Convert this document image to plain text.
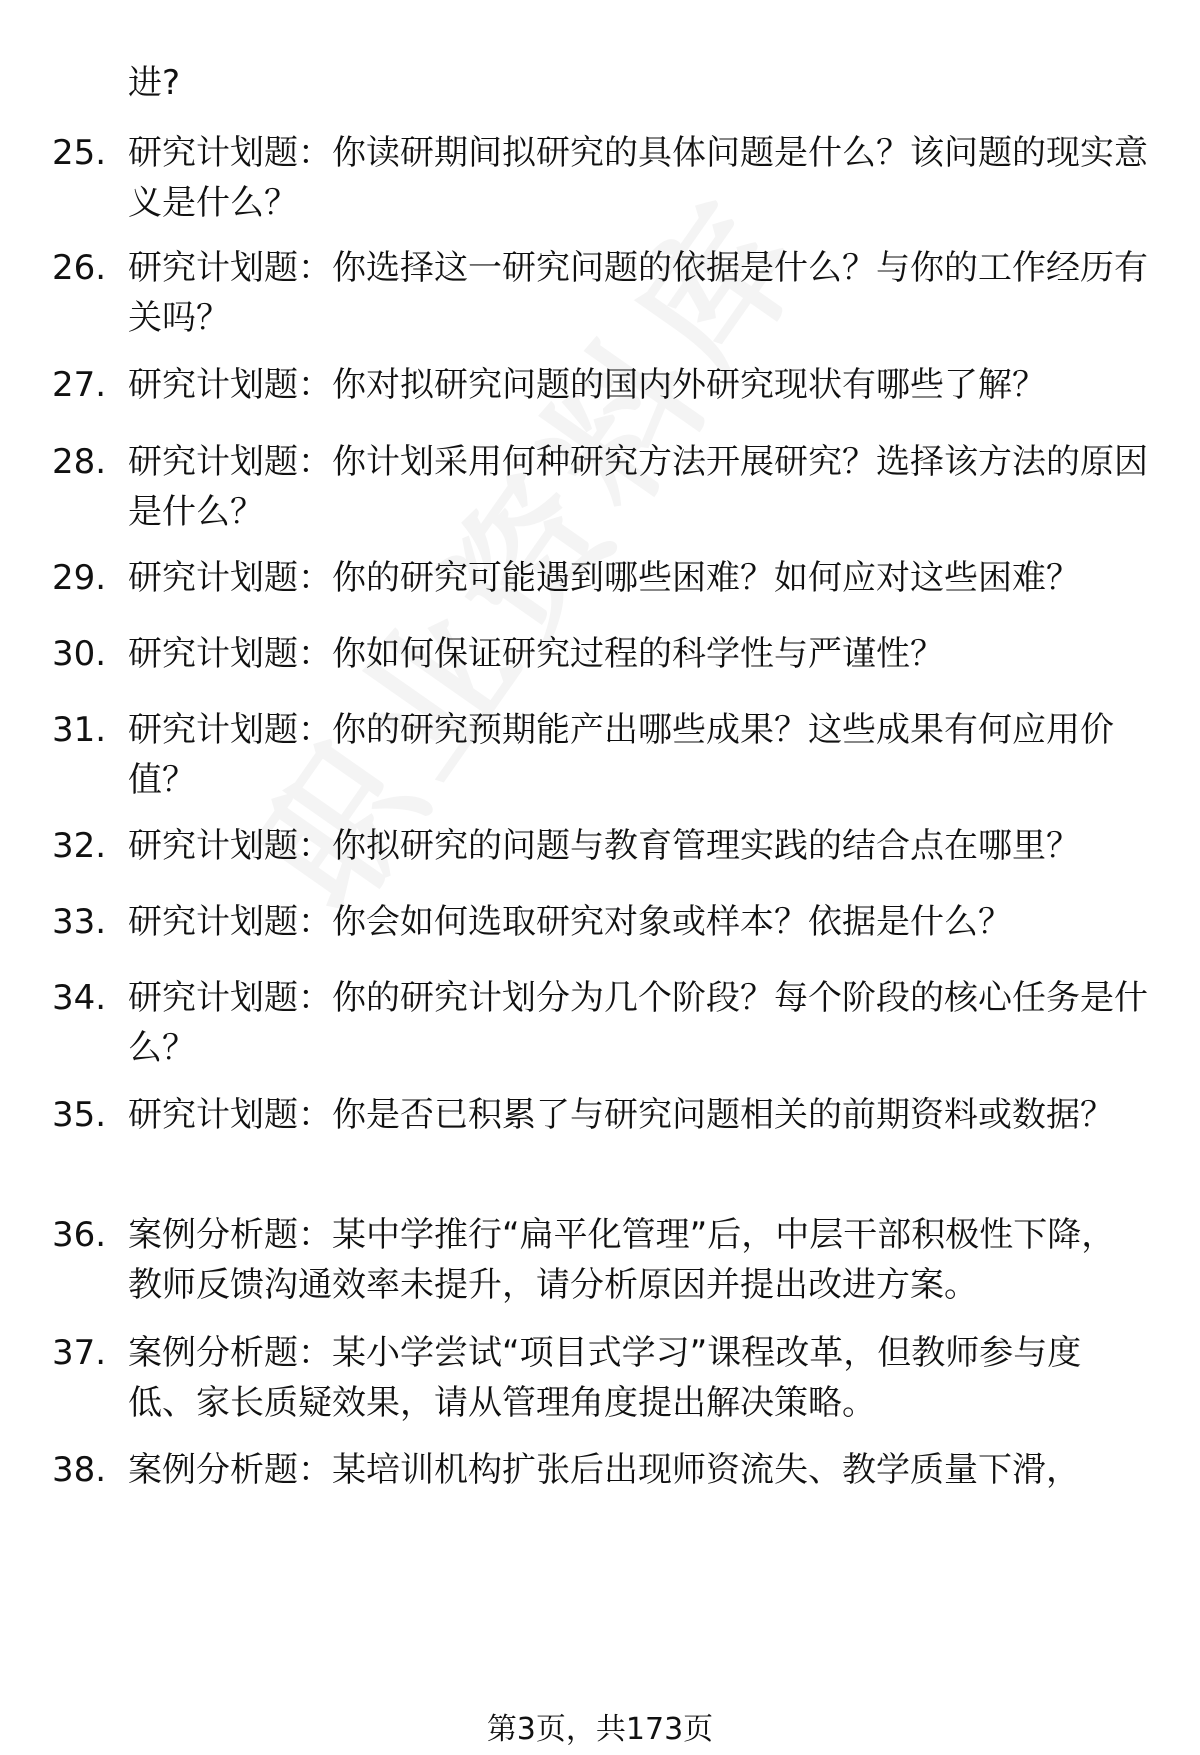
进?
25. 研究计划题：你读研期间拟研究的具体问题是什么？该问题的现实意义是什么？
26. 研究计划题：你选择这一研究问题的依据是什么？与你的工作经历有关吗？
27. 研究计划题：你对拟研究问题的国内外研究现状有哪些了解？
28. 研究计划题：你计划采用何种研究方法开展研究？选择该方法的原因是什么？
29. 研究计划题：你的研究可能遇到哪些困难？如何应对这些困难？
30. 研究计划题：你如何保证研究过程的科学性与严谨性？
31. 研究计划题：你的研究预期能产出哪些成果？这些成果有何应用价值？
32. 研究计划题：你拟研究的问题与教育管理实践的结合点在哪里？
33. 研究计划题：你会如何选取研究对象或样本？依据是什么？
34. 研究计划题：你的研究计划分为几个阶段？每个阶段的核心任务是什么？
35. 研究计划题：你是否已积累了与研究问题相关的前期资料或数据？
36. 案例分析题：某中学推行“扁平化管理”后，中层干部积极性下降，教师反馈沟通效率未提升，请分析原因并提出改进方案。
37. 案例分析题：某小学尝试“项目式学习”课程改革，但教师参与度低、家长质疑效果，请从管理角度提出解决策略。
38. 案例分析题：某培训机构扩张后出现师资流失、教学质量下滑，
第3页，共173页
